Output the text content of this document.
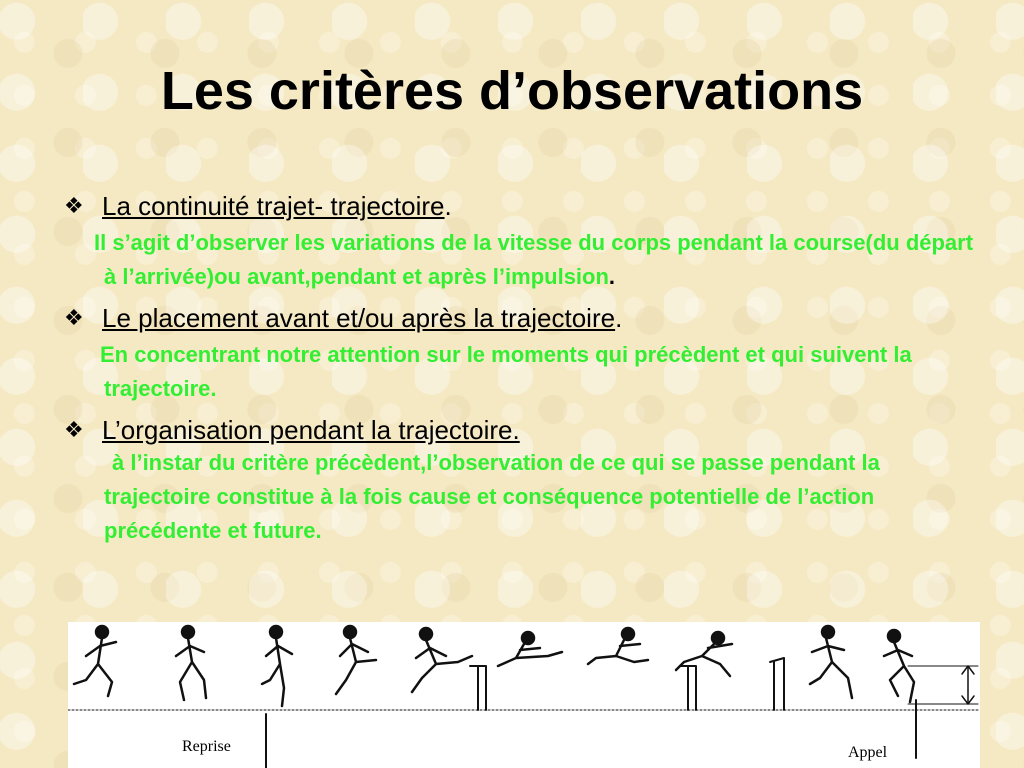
Les critères d’observations
❖ La continuité trajet- trajectoire.
Il s’agit d’observer les variations de la vitesse du corps pendant la course(du départ à l’arrivée)ou avant,pendant et après l’impulsion.
❖ Le placement avant et/ou après la trajectoire.
En concentrant notre attention sur le moments qui précèdent et qui suivent la trajectoire.
❖ L’organisation pendant la trajectoire.
à l’instar du critère précèdent,l’observation de ce qui se passe pendant la trajectoire constitue à la fois cause et conséquence potentielle de l’action précédente et future.
Reprise	Appel
